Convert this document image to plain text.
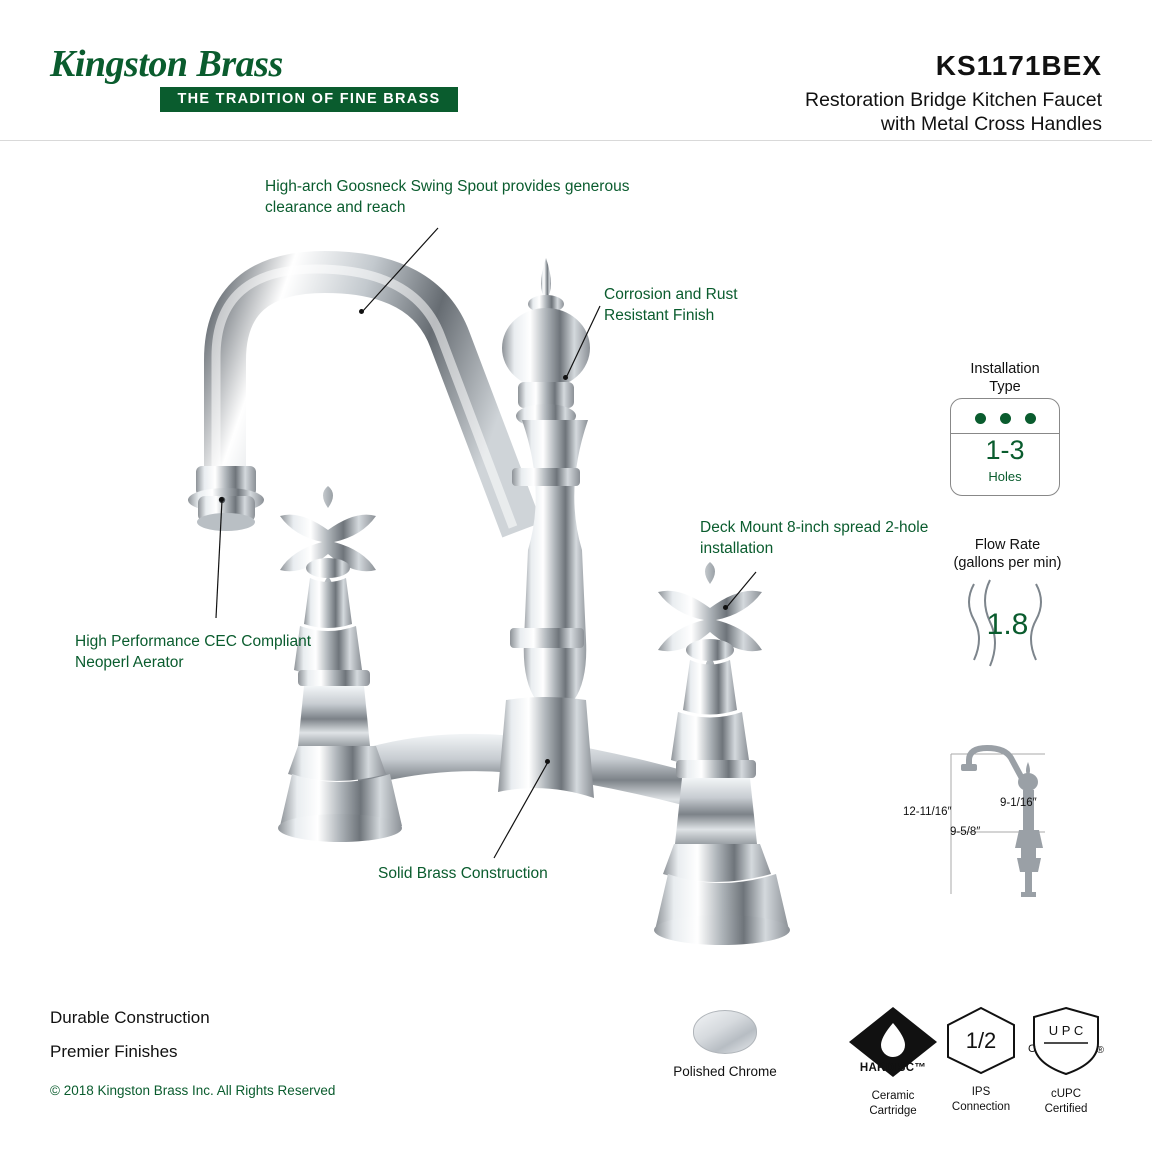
Kingston Brass
THE TRADITION OF FINE BRASS
KS1171BEX
Restoration Bridge Kitchen Faucet
with Metal Cross Handles
High-arch Goosneck Swing Spout provides generous clearance and reach
Corrosion and Rust Resistant Finish
Deck Mount 8-inch spread 2-hole installation
High Performance CEC Compliant Neoperl Aerator
Solid Brass Construction
Installation
Type
1-3
Holes
Flow Rate
(gallons per min)
1.8
12-11/16″
9-1/16″
9-5/8″
Durable Construction
Premier Finishes
© 2018 Kingston Brass Inc. All Rights Reserved
Polished Chrome	HARDISC™
Ceramic
Cartridge
1/2
IPS
Connection
U P C
C	®
cUPC
Certified
